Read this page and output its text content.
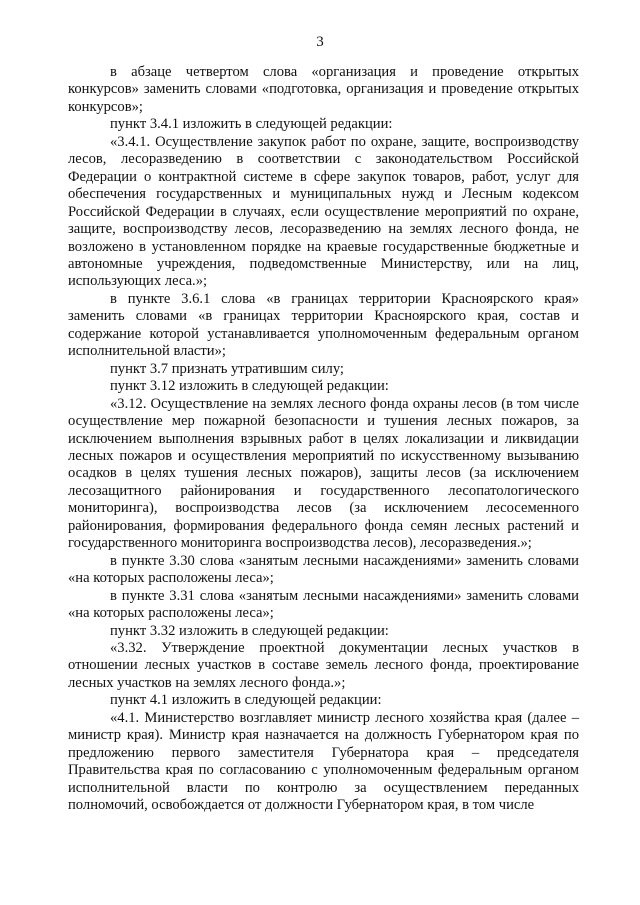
3

в абзаце четвертом слова «организация и проведение открытых конкурсов» заменить словами «подготовка, организация и проведение открытых конкурсов»;

пункт 3.4.1 изложить в следующей редакции:

«3.4.1. Осуществление закупок работ по охране, защите, воспроизводству лесов, лесоразведению в соответствии с законодательством Российской Федерации о контрактной системе в сфере закупок товаров, работ, услуг для обеспечения государственных и муниципальных нужд и Лесным кодексом Российской Федерации в случаях, если осуществление мероприятий по охране, защите, воспроизводству лесов, лесоразведению на землях лесного фонда, не возложено в установленном порядке на краевые государственные бюджетные и автономные учреждения, подведомственные Министерству, или на лиц, использующих леса.»;

в пункте 3.6.1 слова «в границах территории Красноярского края» заменить словами «в границах территории Красноярского края, состав и содержание которой устанавливается уполномоченным федеральным органом исполнительной власти»;

пункт 3.7 признать утратившим силу;

пункт 3.12 изложить в следующей редакции:

«3.12. Осуществление на землях лесного фонда охраны лесов (в том числе осуществление мер пожарной безопасности и тушения лесных пожаров, за исключением выполнения взрывных работ в целях локализации и ликвидации лесных пожаров и осуществления мероприятий по искусственному вызыванию осадков в целях тушения лесных пожаров), защиты лесов (за исключением лесозащитного районирования и государственного лесопатологического мониторинга), воспроизводства лесов (за исключением лесосеменного районирования, формирования федерального фонда семян лесных растений и государственного мониторинга воспроизводства лесов), лесоразведения.»;

в пункте 3.30 слова «занятым лесными насаждениями» заменить словами «на которых расположены леса»;

в пункте 3.31 слова «занятым лесными насаждениями» заменить словами «на которых расположены леса»;

пункт 3.32 изложить в следующей редакции:

«3.32. Утверждение проектной документации лесных участков в отношении лесных участков в составе земель лесного фонда, проектирование лесных участков на землях лесного фонда.»;

пункт 4.1 изложить в следующей редакции:

«4.1. Министерство возглавляет министр лесного хозяйства края (далее – министр края). Министр края назначается на должность Губернатором края по предложению первого заместителя Губернатора края – председателя Правительства края по согласованию с уполномоченным федеральным органом исполнительной власти по контролю за осуществлением переданных полномочий, освобождается от должности Губернатором края, в том числе
